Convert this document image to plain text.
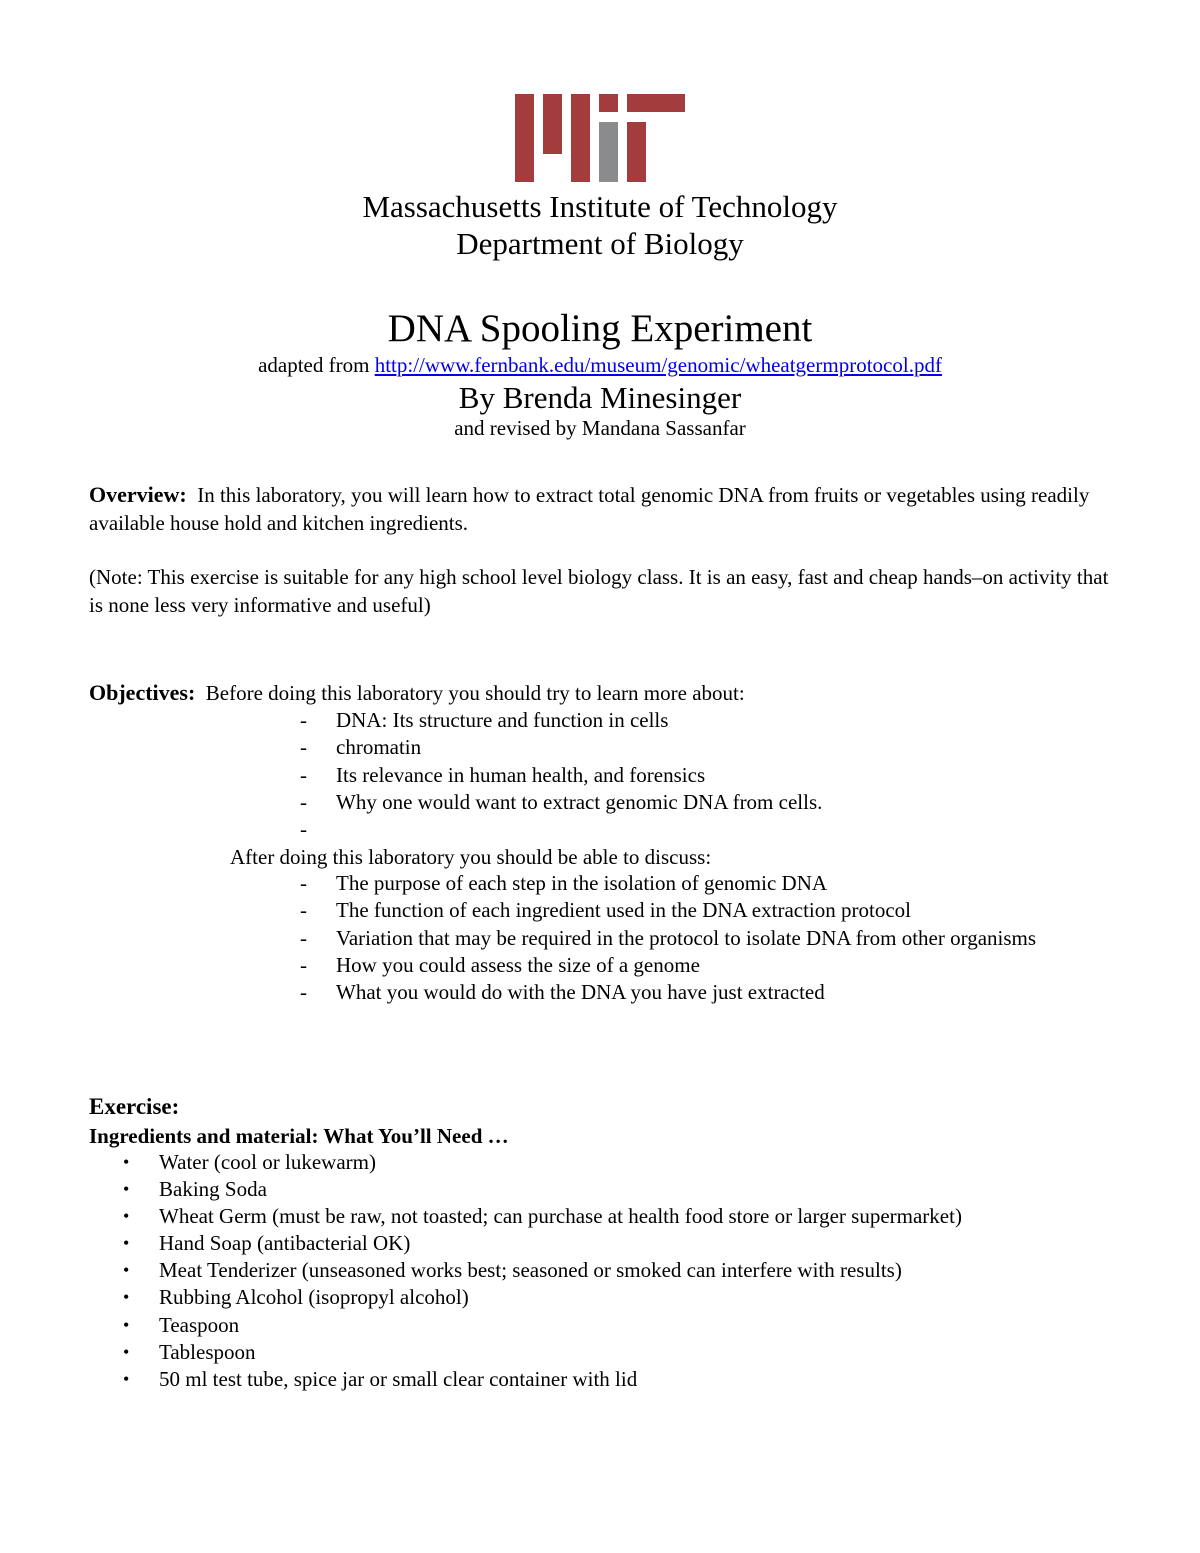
Massachusetts Institute of Technology
Department of Biology
DNA Spooling Experiment
adapted from http://www.fernbank.edu/museum/genomic/wheatgermprotocol.pdf
By Brenda Minesinger
and revised by Mandana Sassanfar
Overview: In this laboratory, you will learn how to extract total genomic DNA from fruits or vegetables using readily available house hold and kitchen ingredients.
(Note: This exercise is suitable for any high school level biology class. It is an easy, fast and cheap hands–on activity that is none less very informative and useful)
Objectives: Before doing this laboratory you should try to learn more about:
- DNA: Its structure and function in cells
- chromatin
- Its relevance in human health, and forensics
- Why one would want to extract genomic DNA from cells.
-

After doing this laboratory you should be able to discuss:
- The purpose of each step in the isolation of genomic DNA
- The function of each ingredient used in the DNA extraction protocol
- Variation that may be required in the protocol to isolate DNA from other organisms
- How you could assess the size of a genome
- What you would do with the DNA you have just extracted
Exercise:
Ingredients and material: What You’ll Need …
• Water (cool or lukewarm)
• Baking Soda
• Wheat Germ (must be raw, not toasted; can purchase at health food store or larger supermarket)
• Hand Soap (antibacterial OK)
• Meat Tenderizer (unseasoned works best; seasoned or smoked can interfere with results)
• Rubbing Alcohol (isopropyl alcohol)
• Teaspoon
• Tablespoon
• 50 ml test tube, spice jar or small clear container with lid
